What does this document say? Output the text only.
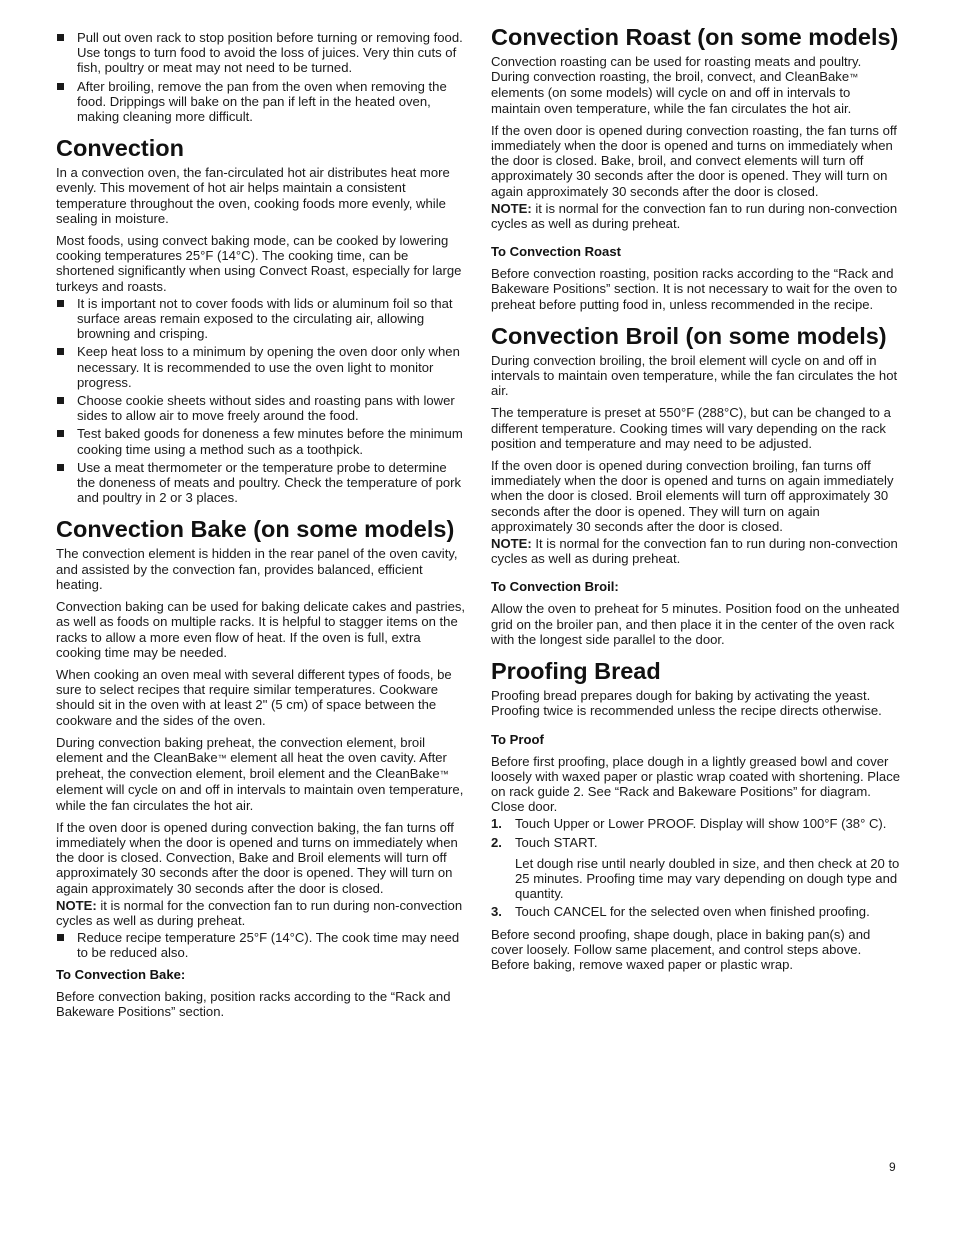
Pull out oven rack to stop position before turning or removing food. Use tongs to turn food to avoid the loss of juices. Very thin cuts of fish, poultry or meat may not need to be turned.
After broiling, remove the pan from the oven when removing the food. Drippings will bake on the pan if left in the heated oven, making cleaning more difficult.
Convection

In a convection oven, the fan-circulated hot air distributes heat more evenly. This movement of hot air helps maintain a consistent temperature throughout the oven, cooking foods more evenly, while sealing in moisture.

Most foods, using convect baking mode, can be cooked by lowering cooking temperatures 25°F (14°C). The cooking time, can be shortened significantly when using Convect Roast, especially for large turkeys and roasts.

It is important not to cover foods with lids or aluminum foil so that surface areas remain exposed to the circulating air, allowing browning and crisping.
Keep heat loss to a minimum by opening the oven door only when necessary. It is recommended to use the oven light to monitor progress.
Choose cookie sheets without sides and roasting pans with lower sides to allow air to move freely around the food.
Test baked goods for doneness a few minutes before the minimum cooking time using a method such as a toothpick.
Use a meat thermometer or the temperature probe to determine the doneness of meats and poultry. Check the temperature of pork and poultry in 2 or 3 places.
Convection Bake (on some models)

The convection element is hidden in the rear panel of the oven cavity, and assisted by the convection fan, provides balanced, efficient heating.

Convection baking can be used for baking delicate cakes and pastries, as well as foods on multiple racks. It is helpful to stagger items on the racks to allow a more even flow of heat. If the oven is full, extra cooking time may be needed.

When cooking an oven meal with several different types of foods, be sure to select recipes that require similar temperatures. Cookware should sit in the oven with at least 2" (5 cm) of space between the cookware and the sides of the oven.

During convection baking preheat, the convection element, broil element and the CleanBake™ element all heat the oven cavity. After preheat, the convection element, broil element and the CleanBake™ element will cycle on and off in intervals to maintain oven temperature, while the fan circulates the hot air.

If the oven door is opened during convection baking, the fan turns off immediately when the door is opened and turns on immediately when the door is closed. Convection, Bake and Broil elements will turn off approximately 30 seconds after the door is opened. They will turn on again approximately 30 seconds after the door is closed.

NOTE: it is normal for the convection fan to run during non-convection cycles as well as during preheat.

Reduce recipe temperature 25°F (14°C). The cook time may need to be reduced also.
To Convection Bake:

Before convection baking, position racks according to the “Rack and Bakeware Positions” section.

Convection Roast (on some models)

Convection roasting can be used for roasting meats and poultry. During convection roasting, the broil, convect, and CleanBake™ elements (on some models) will cycle on and off in intervals to maintain oven temperature, while the fan circulates the hot air.

If the oven door is opened during convection roasting, the fan turns off immediately when the door is opened and turns on immediately when the door is closed. Bake, broil, and convect elements will turn off approximately 30 seconds after the door is opened. They will turn on again approximately 30 seconds after the door is closed.

NOTE: it is normal for the convection fan to run during non-convection cycles as well as during preheat.

To Convection Roast

Before convection roasting, position racks according to the “Rack and Bakeware Positions” section. It is not necessary to wait for the oven to preheat before putting food in, unless recommended in the recipe.

Convection Broil (on some models)

During convection broiling, the broil element will cycle on and off in intervals to maintain oven temperature, while the fan circulates the hot air.

The temperature is preset at 550°F (288°C), but can be changed to a different temperature. Cooking times will vary depending on the rack position and temperature and may need to be adjusted.

If the oven door is opened during convection broiling, fan turns off immediately when the door is opened and turns on again immediately when the door is closed. Broil elements will turn off approximately 30 seconds after the door is opened. They will turn on again approximately 30 seconds after the door is closed.

NOTE: It is normal for the convection fan to run during non-convection cycles as well as during preheat.

To Convection Broil:

Allow the oven to preheat for 5 minutes. Position food on the unheated grid on the broiler pan, and then place it in the center of the oven rack with the longest side parallel to the door.

Proofing Bread

Proofing bread prepares dough for baking by activating the yeast. Proofing twice is recommended unless the recipe directs otherwise.

To Proof

Before first proofing, place dough in a lightly greased bowl and cover loosely with waxed paper or plastic wrap coated with shortening. Place on rack guide 2. See “Rack and Bakeware Positions” for diagram. Close door.

1. Touch Upper or Lower PROOF. Display will show 100°F (38° C).
2. Touch START.
Let dough rise until nearly doubled in size, and then check at 20 to 25 minutes. Proofing time may vary depending on dough type and quantity.
3. Touch CANCEL for the selected oven when finished proofing.

Before second proofing, shape dough, place in baking pan(s) and cover loosely. Follow same placement, and control steps above. Before baking, remove waxed paper or plastic wrap.

9
